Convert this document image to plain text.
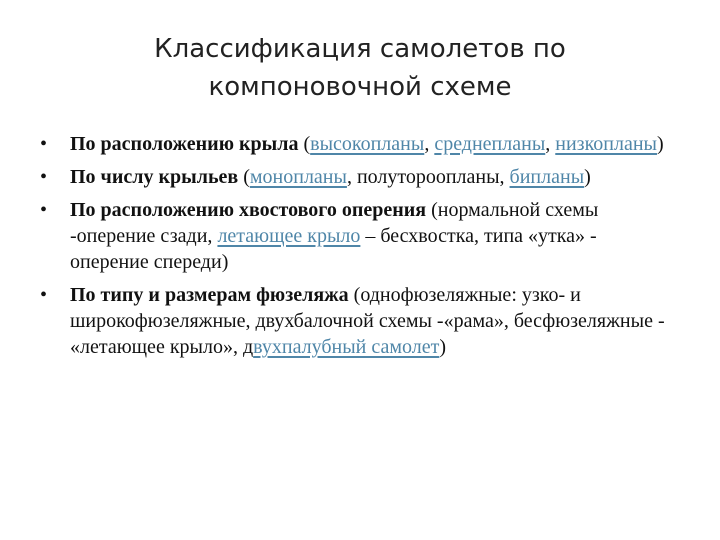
Классификация самолетов по
компоновочной схеме
• По расположению крыла (высокопланы, среднепланы, низкопланы)
• По числу крыльев (монопланы, полутороопланы, бипланы)
• По расположению хвостового оперения (нормальной схемы -оперение сзади, летающее крыло – бесхвостка, типа «утка» - оперение спереди)
• По типу и размерам фюзеляжа (однофюзеляжные: узко- и широкофюзеляжные, двухбалочной схемы -«рама», бесфюзеляжные - «летающее крыло», двухпалубный самолет)
